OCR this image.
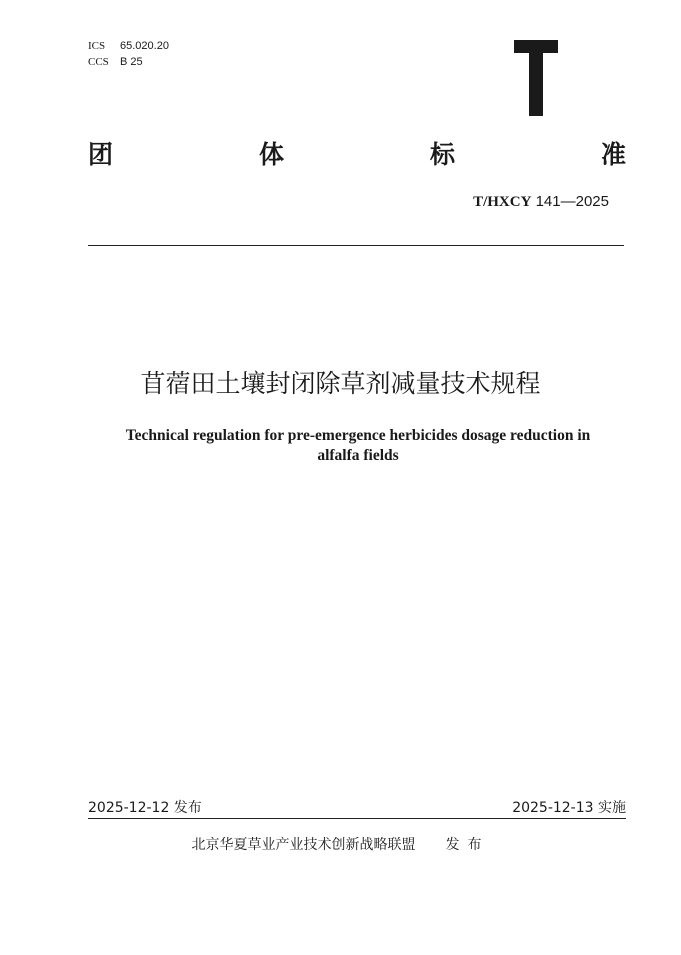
ICS 65.020.20
CCS B 25
团	体	标	准
T/HXCY 141—2025
苜蓿田土壤封闭除草剂减量技术规程
Technical regulation for pre-emergence herbicides dosage reduction in
alfalfa fields
2025-12-12 发布	2025-12-13 实施
北京华夏草业产业技术创新战略联盟 发布
